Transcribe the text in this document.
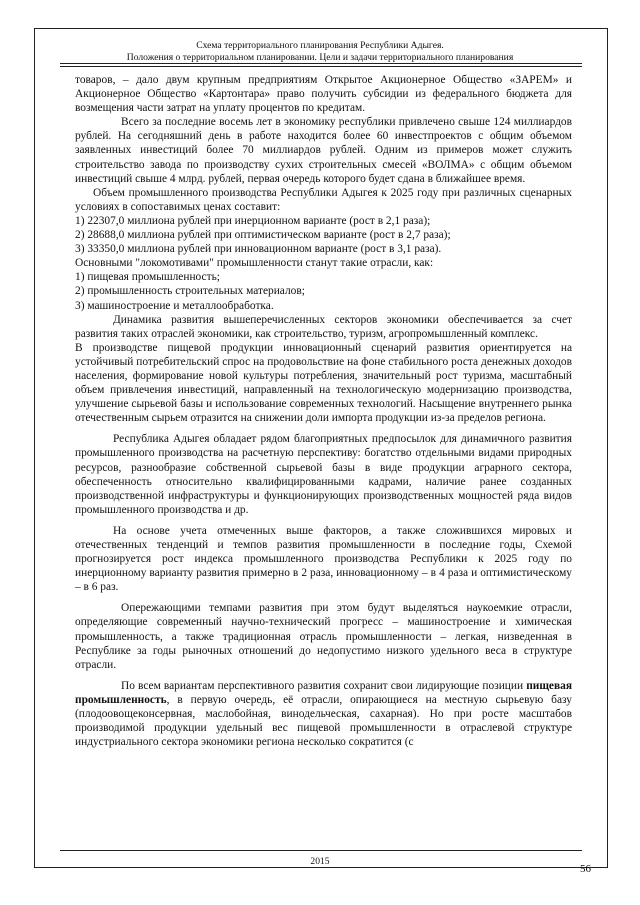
Схема территориального планирования Республики Адыгея.
Положения о территориальном планировании. Цели и задачи территориального планирования

товаров, – дало двум крупным предприятиям Открытое Акционерное Общество «ЗАРЕМ» и Акционерное Общество «Картонтара» право получить субсидии из федерального бюджета для возмещения части затрат на уплату процентов по кредитам.

Всего за последние восемь лет в экономику республики привлечено свыше 124 миллиардов рублей. На сегодняшний день в работе находится более 60 инвестпроектов с общим объемом заявленных инвестиций более 70 миллиардов рублей. Одним из примеров может служить строительство завода по производству сухих строительных смесей «ВОЛМА» с общим объемом инвестиций свыше 4 млрд. рублей, первая очередь которого будет сдана в ближайшее время.

Объем промышленного производства Республики Адыгея к 2025 году при различных сценарных условиях в сопоставимых ценах составит:

1) 22307,0 миллиона рублей при инерционном варианте (рост в 2,1 раза);

2) 28688,0 миллиона рублей при оптимистическом варианте (рост в 2,7 раза);

3) 33350,0 миллиона рублей при инновационном варианте (рост в 3,1 раза).

Основными "локомотивами" промышленности станут такие отрасли, как:

1) пищевая промышленность;

2) промышленность строительных материалов;

3) машиностроение и металлообработка.

Динамика развития вышеперечисленных секторов экономики обеспечивается за счет развития таких отраслей экономики, как строительство, туризм, агропромышленный комплекс.

В производстве пищевой продукции инновационный сценарий развития ориентируется на устойчивый потребительский спрос на продовольствие на фоне стабильного роста денежных доходов населения, формирование новой культуры потребления, значительный рост туризма, масштабный объем привлечения инвестиций, направленный на технологическую модернизацию производства, улучшение сырьевой базы и использование современных технологий. Насыщение внутреннего рынка отечественным сырьем отразится на снижении доли импорта продукции из-за пределов региона.

Республика Адыгея обладает рядом благоприятных предпосылок для динамичного развития промышленного производства на расчетную перспективу: богатство отдельными видами природных ресурсов, разнообразие собственной сырьевой базы в виде продукции аграрного сектора, обеспеченность относительно квалифицированными кадрами, наличие ранее созданных производственной инфраструктуры и функционирующих производственных мощностей ряда видов промышленного производства и др.

На основе учета отмеченных выше факторов, а также сложившихся мировых и отечественных тенденций и темпов развития промышленности в последние годы, Схемой прогнозируется рост индекса промышленного производства Республики к 2025 году по инерционному варианту развития примерно в 2 раза, инновационному – в 4 раза и оптимистическому – в 6 раз.

Опережающими темпами развития при этом будут выделяться наукоемкие отрасли, определяющие современный научно-технический прогресс – машиностроение и химическая промышленность, а также традиционная отрасль промышленности – легкая, низведенная в Республике за годы рыночных отношений до недопустимо низкого удельного веса в структуре отрасли.

По всем вариантам перспективного развития сохранит свои лидирующие позиции пищевая промышленность, в первую очередь, её отрасли, опирающиеся на местную сырьевую базу (плодоовощеконсервная, маслобойная, винодельческая, сахарная). Но при росте масштабов производимой продукции удельный вес пищевой промышленности в отраслевой структуре индустриального сектора экономики региона несколько сократится (с

2015
56
